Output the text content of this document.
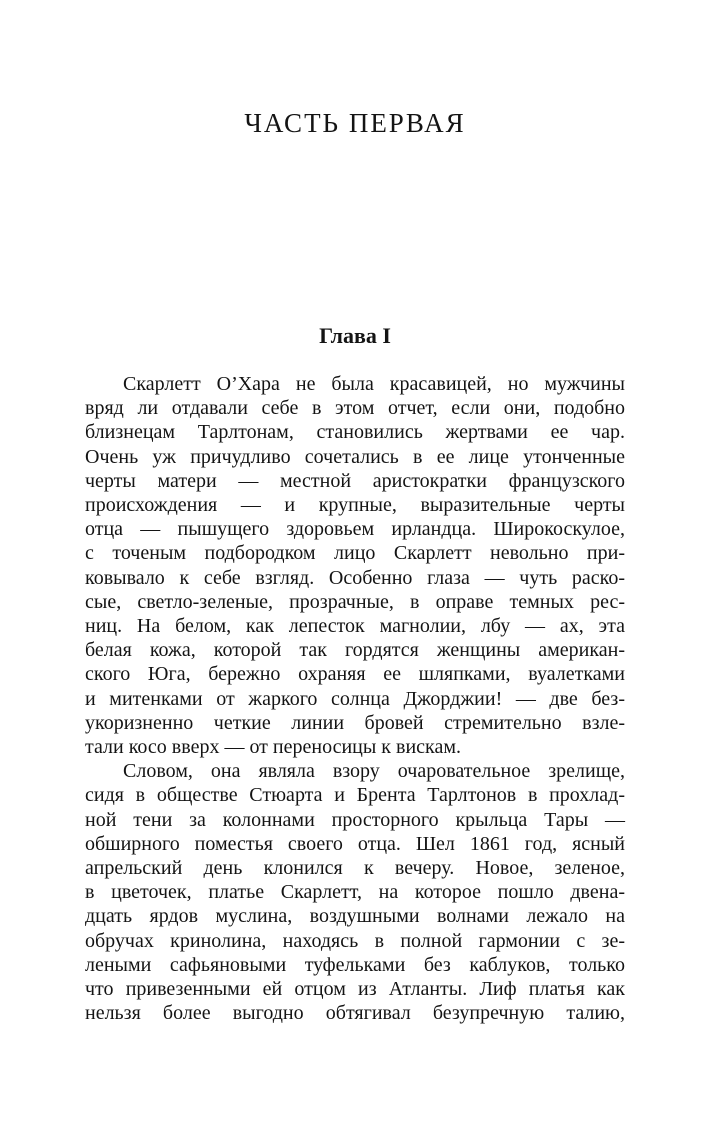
ЧАСТЬ ПЕРВАЯ
Глава I
Скарлетт О’Хара не была красавицей, но мужчины
вряд ли отдавали себе в этом отчет, если они, подобно
близнецам Тарлтонам, становились жертвами ее чар.
Очень уж причудливо сочетались в ее лице утонченные
черты матери — местной аристократки французского
происхождения — и крупные, выразительные черты
отца — пышущего здоровьем ирландца. Широкоскулое,
с точеным подбородком лицо Скарлетт невольно при-
ковывало к себе взгляд. Особенно глаза — чуть раско-
сые, светло-зеленые, прозрачные, в оправе темных рес-
ниц. На белом, как лепесток магнолии, лбу — ах, эта
белая кожа, которой так гордятся женщины американ-
ского Юга, бережно охраняя ее шляпками, вуалетками
и митенками от жаркого солнца Джорджии! — две без-
укоризненно четкие линии бровей стремительно взле-
тали косо вверх — от переносицы к вискам.
Словом, она являла взору очаровательное зрелище,
сидя в обществе Стюарта и Брента Тарлтонов в прохлад-
ной тени за колоннами просторного крыльца Тары —
обширного поместья своего отца. Шел 1861 год, ясный
апрельский день клонился к вечеру. Новое, зеленое,
в цветочек, платье Скарлетт, на которое пошло двена-
дцать ярдов муслина, воздушными волнами лежало на
обручах кринолина, находясь в полной гармонии с зе-
леными сафьяновыми туфельками без каблуков, только
что привезенными ей отцом из Атланты. Лиф платья как
нельзя более выгодно обтягивал безупречную талию,
